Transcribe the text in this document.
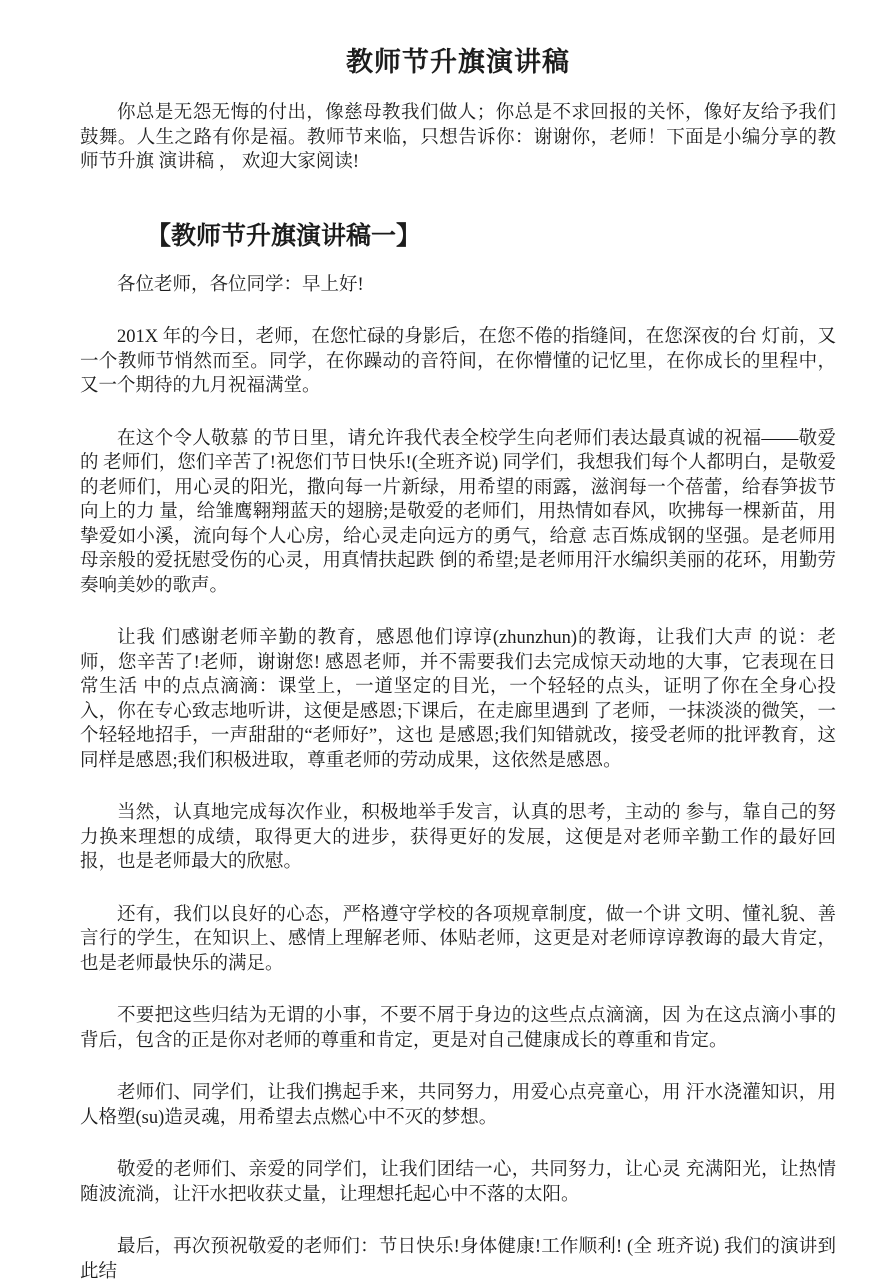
教师节升旗演讲稿

你总是无怨无悔的付出，像慈母教我们做人；你总是不求回报的关怀，像好友给予我们鼓舞。人生之路有你是福。教师节来临，只想告诉你：谢谢你，老师！下面是小编分享的教师节升旗 演讲稿 ， 欢迎大家阅读!

【教师节升旗演讲稿一】

各位老师，各位同学：早上好!

201X 年的今日，老师，在您忙碌的身影后，在您不倦的指缝间，在您深夜的台 灯前，又一个教师节悄然而至。同学，在你躁动的音符间，在你懵懂的记忆里，在你成长的里程中，又一个期待的九月祝福满堂。

在这个令人敬慕 的节日里，请允许我代表全校学生向老师们表达最真诚的祝福——敬爱的 老师们，您们辛苦了!祝您们节日快乐!(全班齐说) 同学们，我想我们每个人都明白，是敬爱的老师们，用心灵的阳光，撒向每一片新绿，用希望的雨露，滋润每一个蓓蕾，给春笋拔节向上的力 量，给雏鹰翱翔蓝天的翅膀;是敬爱的老师们，用热情如春风，吹拂每一棵新苗，用挚爱如小溪，流向每个人心房，给心灵走向远方的勇气，给意 志百炼成钢的坚强。是老师用母亲般的爱抚慰受伤的心灵，用真情扶起跌 倒的希望;是老师用汗水编织美丽的花环，用勤劳奏响美妙的歌声。

让我 们感谢老师辛勤的教育，感恩他们谆谆(zhunzhun)的教诲，让我们大声 的说：老师，您辛苦了!老师，谢谢您! 感恩老师，并不需要我们去完成惊天动地的大事，它表现在日常生活 中的点点滴滴：课堂上，一道坚定的目光，一个轻轻的点头，证明了你在全身心投入，你在专心致志地听讲，这便是感恩;下课后，在走廊里遇到 了老师，一抹淡淡的微笑，一个轻轻地招手，一声甜甜的“老师好”，这也 是感恩;我们知错就改，接受老师的批评教育，这同样是感恩;我们积极进取，尊重老师的劳动成果，这依然是感恩。

当然，认真地完成每次作业，积极地举手发言，认真的思考，主动的 参与，靠自己的努力换来理想的成绩，取得更大的进步，获得更好的发展，这便是对老师辛勤工作的最好回报，也是老师最大的欣慰。

还有，我们以良好的心态，严格遵守学校的各项规章制度，做一个讲 文明、懂礼貌、善言行的学生，在知识上、感情上理解老师、体贴老师，这更是对老师谆谆教诲的最大肯定，也是老师最快乐的满足。

不要把这些归结为无谓的小事，不要不屑于身边的这些点点滴滴，因 为在这点滴小事的背后，包含的正是你对老师的尊重和肯定，更是对自己健康成长的尊重和肯定。

老师们、同学们，让我们携起手来，共同努力，用爱心点亮童心，用 汗水浇灌知识，用人格塑(su)造灵魂，用希望去点燃心中不灭的梦想。

敬爱的老师们、亲爱的同学们，让我们团结一心，共同努力，让心灵 充满阳光，让热情随波流淌，让汗水把收获丈量，让理想托起心中不落的太阳。

最后，再次预祝敬爱的老师们：节日快乐!身体健康!工作顺利! (全 班齐说) 我们的演讲到此结
